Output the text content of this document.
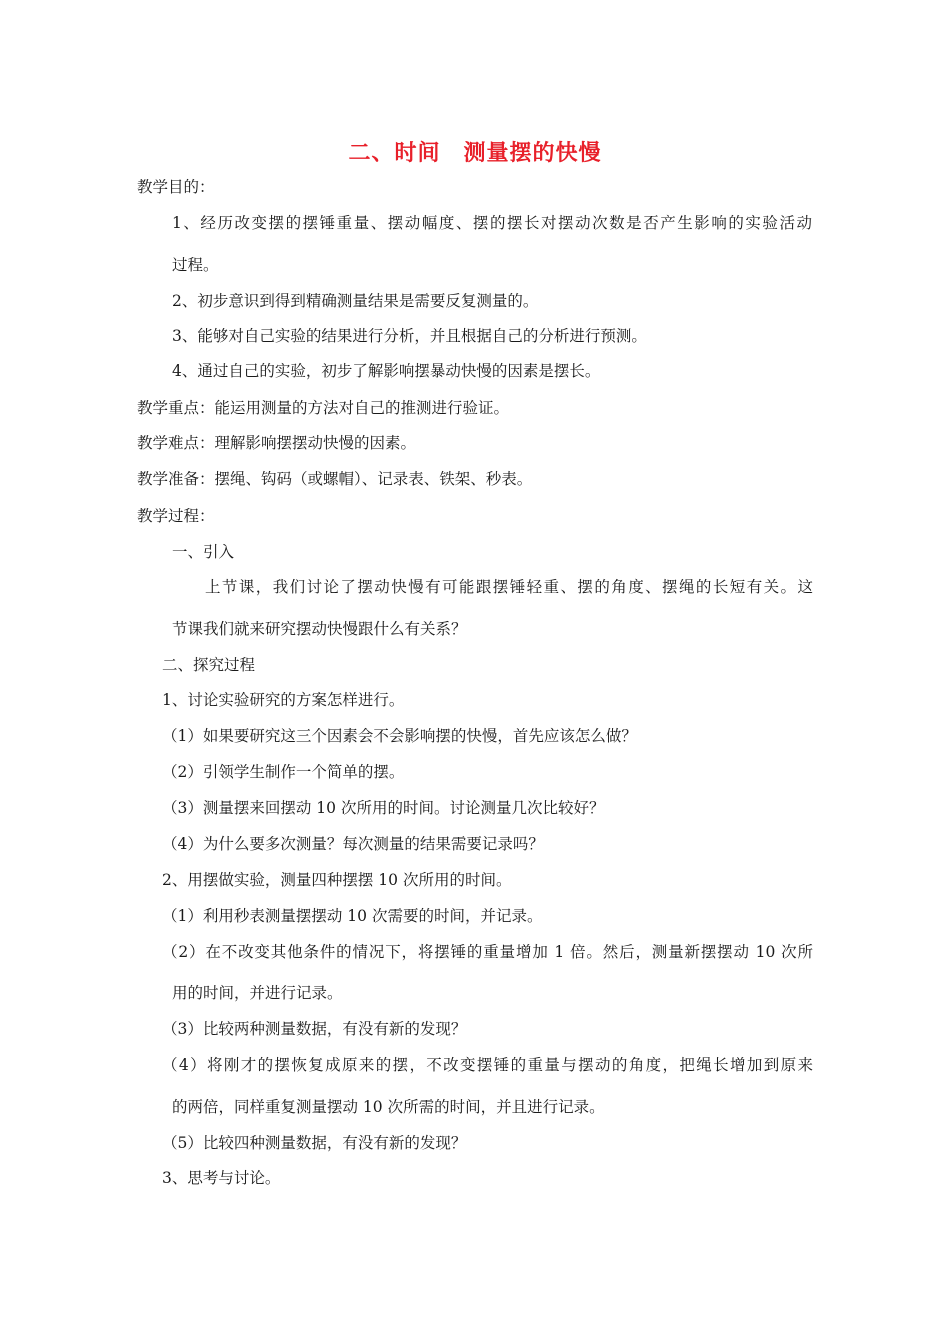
二、时间　测量摆的快慢
教学目的：
1、经历改变摆的摆锤重量、摆动幅度、摆的摆长对摆动次数是否产生影响的实验活动
过程。
2、初步意识到得到精确测量结果是需要反复测量的。
3、能够对自己实验的结果进行分析，并且根据自己的分析进行预测。
4、通过自己的实验，初步了解影响摆暴动快慢的因素是摆长。
教学重点：能运用测量的方法对自己的推测进行验证。
教学难点：理解影响摆摆动快慢的因素。
教学准备：摆绳、钩码（或螺帽）、记录表、铁架、秒表。
教学过程：
一、引入
上节课，我们讨论了摆动快慢有可能跟摆锤轻重、摆的角度、摆绳的长短有关。这
节课我们就来研究摆动快慢跟什么有关系？
二、探究过程
1、讨论实验研究的方案怎样进行。
（1）如果要研究这三个因素会不会影响摆的快慢，首先应该怎么做？
（2）引领学生制作一个简单的摆。
（3）测量摆来回摆动 10 次所用的时间。讨论测量几次比较好？
（4）为什么要多次测量？每次测量的结果需要记录吗？
2、用摆做实验，测量四种摆摆 10 次所用的时间。
（1）利用秒表测量摆摆动 10 次需要的时间，并记录。
（2）在不改变其他条件的情况下，将摆锤的重量增加 1 倍。然后，测量新摆摆动 10 次所
用的时间，并进行记录。
（3）比较两种测量数据，有没有新的发现？
（4）将刚才的摆恢复成原来的摆，不改变摆锤的重量与摆动的角度，把绳长增加到原来
的两倍，同样重复测量摆动 10 次所需的时间，并且进行记录。
（5）比较四种测量数据，有没有新的发现？
3、思考与讨论。
